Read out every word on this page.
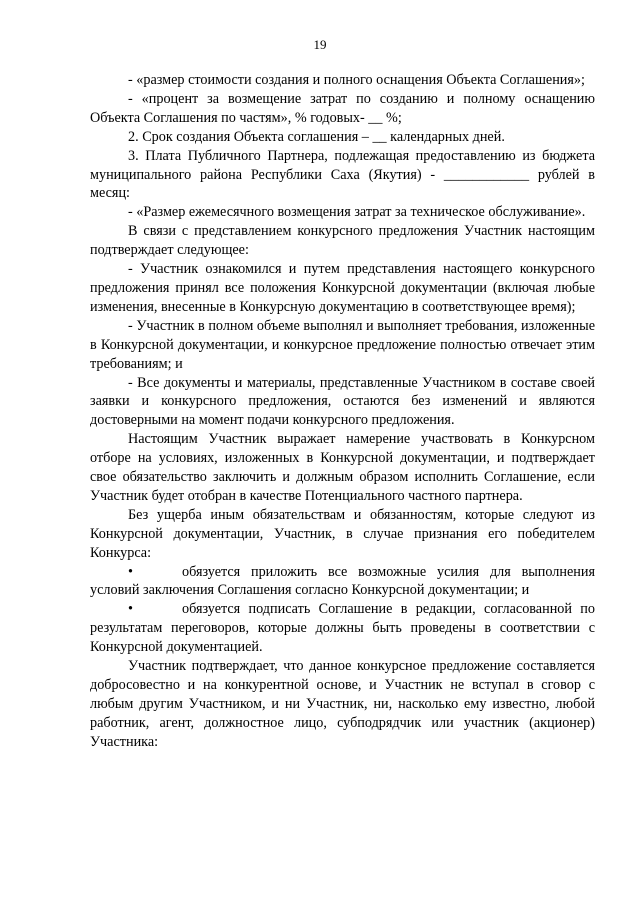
19

- «размер стоимости создания и полного оснащения Объекта Соглашения»;

- «процент за возмещение затрат по созданию и полному оснащению Объекта Соглашения по частям», % годовых- __ %;

2. Срок создания Объекта соглашения – __ календарных дней.

3. Плата Публичного Партнера, подлежащая предоставлению из бюджета муниципального района Республики Саха (Якутия) - ____________ рублей в месяц:

- «Размер ежемесячного возмещения затрат за техническое обслуживание».

В связи с представлением конкурсного предложения Участник настоящим подтверждает следующее:

- Участник ознакомился и путем представления настоящего конкурсного предложения принял все положения Конкурсной документации (включая любые изменения, внесенные в Конкурсную документацию в соответствующее время);

- Участник в полном объеме выполнял и выполняет требования, изложенные в Конкурсной документации, и конкурсное предложение полностью отвечает этим требованиям; и

- Все документы и материалы, представленные Участником в составе своей заявки и конкурсного предложения, остаются без изменений и являются достоверными на момент подачи конкурсного предложения.

Настоящим Участник выражает намерение участвовать в Конкурсном отборе на условиях, изложенных в Конкурсной документации, и подтверждает свое обязательство заключить и должным образом исполнить Соглашение, если Участник будет отобран в качестве Потенциального частного партнера.

Без ущерба иным обязательствам и обязанностям, которые следуют из Конкурсной документации, Участник, в случае признания его победителем Конкурса:

•	обязуется приложить все возможные усилия для выполнения условий заключения Соглашения согласно Конкурсной документации; и

•	обязуется подписать Соглашение в редакции, согласованной по результатам переговоров, которые должны быть проведены в соответствии с Конкурсной документацией.

Участник подтверждает, что данное конкурсное предложение составляется добросовестно и на конкурентной основе, и Участник не вступал в сговор с любым другим Участником, и ни Участник, ни, насколько ему известно, любой работник, агент, должностное лицо, субподрядчик или участник (акционер) Участника:
